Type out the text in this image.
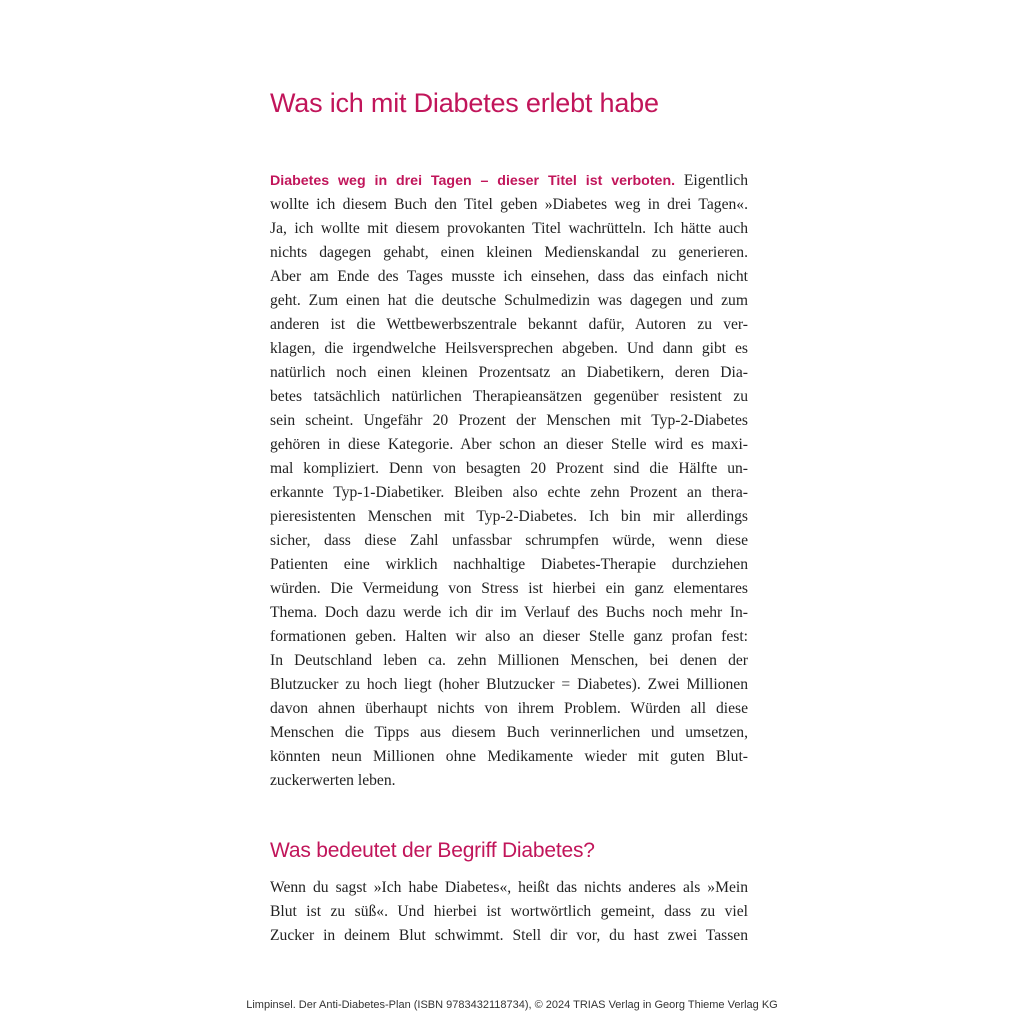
Was ich mit Diabetes erlebt habe
Diabetes weg in drei Tagen – dieser Titel ist verboten. Eigentlich
wollte ich diesem Buch den Titel geben »Diabetes weg in drei Tagen«.
Ja, ich wollte mit diesem provokanten Titel wachrütteln. Ich hätte auch
nichts dagegen gehabt, einen kleinen Medienskandal zu generieren.
Aber am Ende des Tages musste ich einsehen, dass das einfach nicht
geht. Zum einen hat die deutsche Schulmedizin was dagegen und zum
anderen ist die Wettbewerbszentrale bekannt dafür, Autoren zu ver-
klagen, die irgendwelche Heilsversprechen abgeben. Und dann gibt es
natürlich noch einen kleinen Prozentsatz an Diabetikern, deren Dia-
betes tatsächlich natürlichen Therapieansätzen gegenüber resistent zu
sein scheint. Ungefähr 20 Prozent der Menschen mit Typ-2-Diabetes
gehören in diese Kategorie. Aber schon an dieser Stelle wird es maxi-
mal kompliziert. Denn von besagten 20 Prozent sind die Hälfte un-
erkannte Typ-1-Diabetiker. Bleiben also echte zehn Prozent an thera-
pieresistenten Menschen mit Typ-2-Diabetes. Ich bin mir allerdings
sicher, dass diese Zahl unfassbar schrumpfen würde, wenn diese
Patienten eine wirklich nachhaltige Diabetes-Therapie durchziehen
würden. Die Vermeidung von Stress ist hierbei ein ganz elementares
Thema. Doch dazu werde ich dir im Verlauf des Buchs noch mehr In-
formationen geben. Halten wir also an dieser Stelle ganz profan fest:
In Deutschland leben ca. zehn Millionen Menschen, bei denen der
Blutzucker zu hoch liegt (hoher Blutzucker = Diabetes). Zwei Millionen
davon ahnen überhaupt nichts von ihrem Problem. Würden all diese
Menschen die Tipps aus diesem Buch verinnerlichen und umsetzen,
könnten neun Millionen ohne Medikamente wieder mit guten Blut-
zuckerwerten leben.
Was bedeutet der Begriff Diabetes?
Wenn du sagst »Ich habe Diabetes«, heißt das nichts anderes als »Mein
Blut ist zu süß«. Und hierbei ist wortwörtlich gemeint, dass zu viel
Zucker in deinem Blut schwimmt. Stell dir vor, du hast zwei Tassen
Limpinsel. Der Anti-Diabetes-Plan (ISBN 9783432118734), © 2024 TRIAS Verlag in Georg Thieme Verlag KG
